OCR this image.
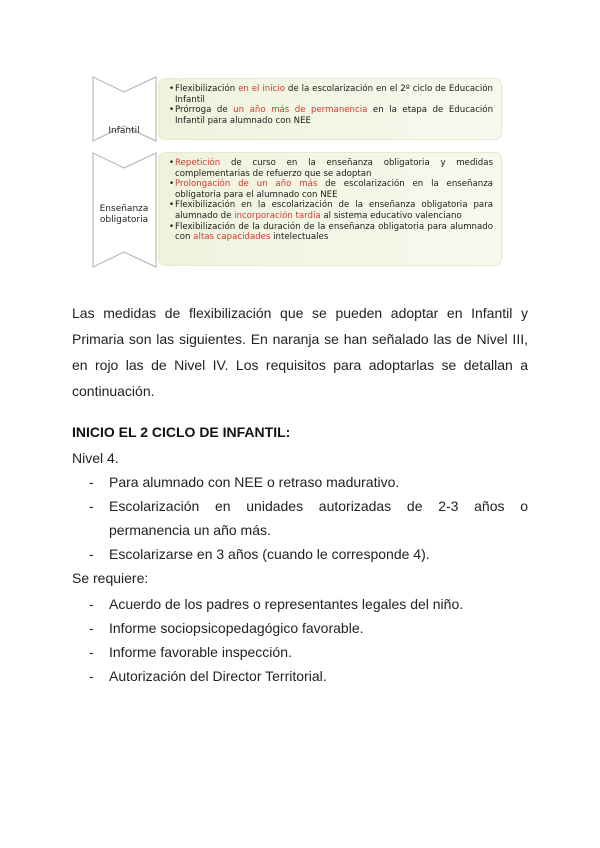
Infantil
• Flexibilización en el inicio de la escolarización en el 2º ciclo de Educación Infantil
• Prórroga de un año más de permanencia en la etapa de Educación Infantil para alumnado con NEE
Enseñanza obligatoria
• Repetición de curso en la enseñanza obligatoria y medidas complementarias de refuerzo que se adoptan
• Prolongación de un año más de escolarización en la enseñanza obligatoria para el alumnado con NEE
• Flexibilización en la escolarización de la enseñanza obligatoria para alumnado de incorporación tardía al sistema educativo valenciano
• Flexibilización de la duración de la enseñanza obligatoria para alumnado con altas capacidades intelectuales

Las medidas de flexibilización que se pueden adoptar en Infantil y Primaria son las siguientes. En naranja se han señalado las de Nivel III, en rojo las de Nivel IV. Los requisitos para adoptarlas se detallan a continuación.

INICIO EL 2 CICLO DE INFANTIL:
Nivel 4.
- Para alumnado con NEE o retraso madurativo.
- Escolarización en unidades autorizadas de 2-3 años o permanencia un año más.
- Escolarizarse en 3 años (cuando le corresponde 4).
Se requiere:
- Acuerdo de los padres o representantes legales del niño.
- Informe sociopsicopedagógico favorable.
- Informe favorable inspección.
- Autorización del Director Territorial.
